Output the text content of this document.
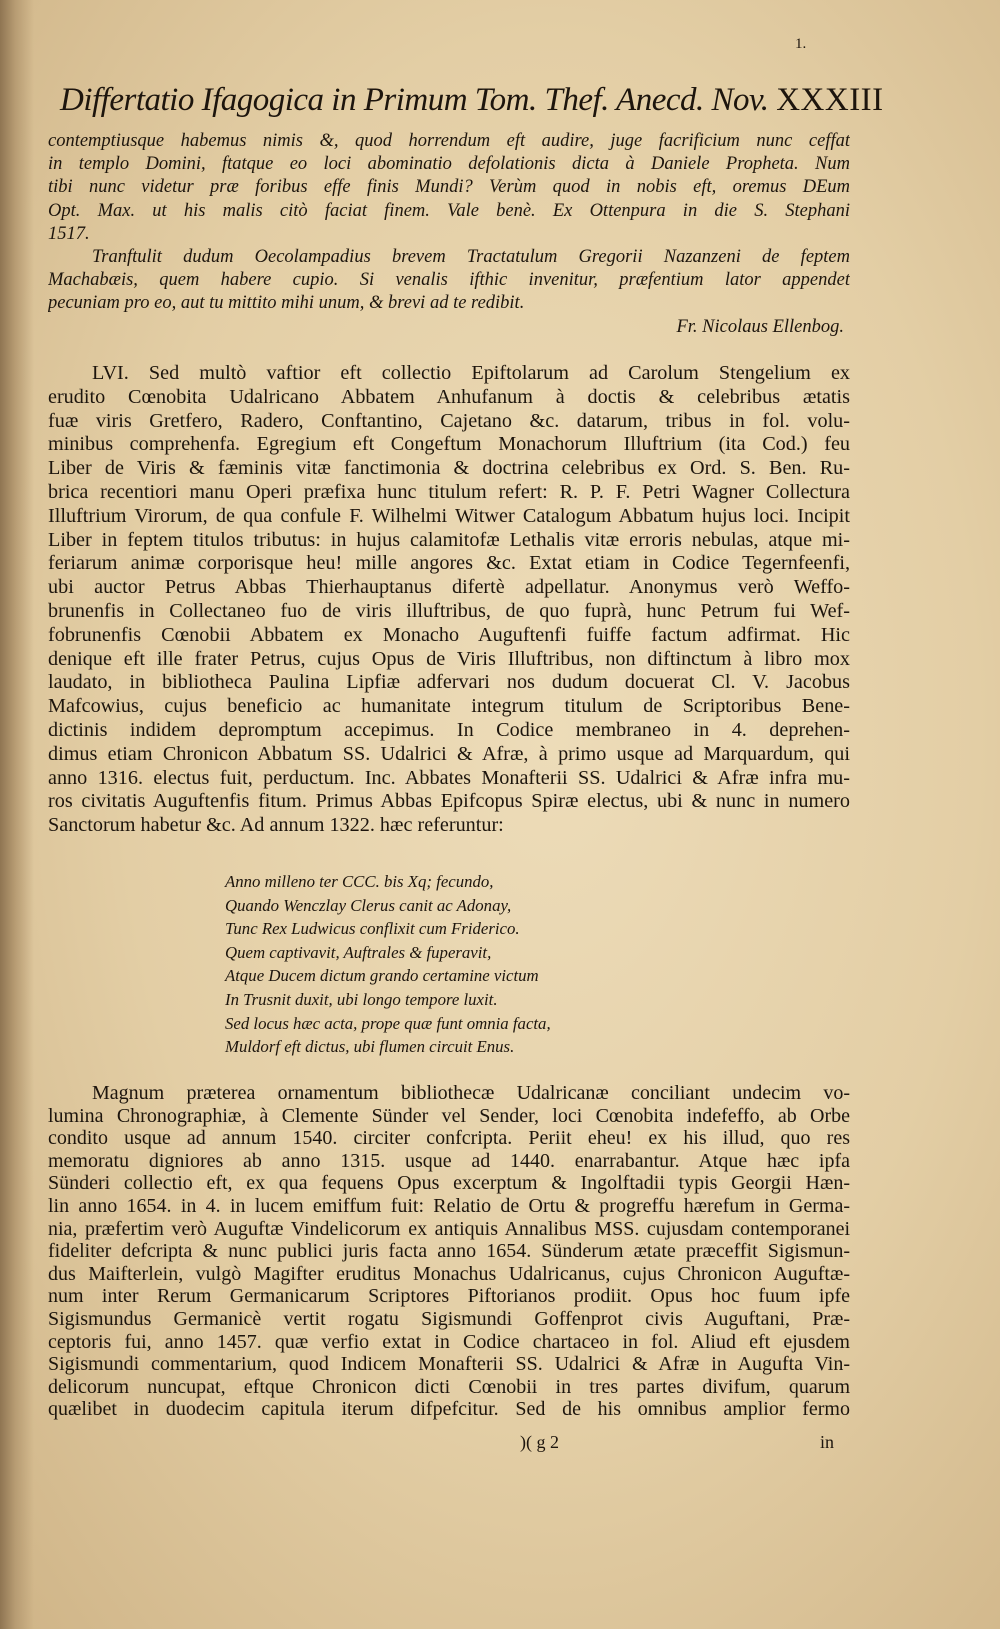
1.
Differtatio Ifagogica in Primum Tom. Thef. Anecd. Nov. XXXIII
contemptiusque habemus nimis &, quod horrendum eft audire, juge facrificium nunc ceffat
in templo Domini, ftatque eo loci abominatio defolationis dicta à Daniele Propheta. Num
tibi nunc videtur præ foribus effe finis Mundi? Verùm quod in nobis eft, oremus DEum
Opt. Max. ut his malis citò faciat finem. Vale benè. Ex Ottenpura in die S. Stephani
1517.
Tranftulit dudum Oecolampadius brevem Tractatulum Gregorii Nazanzeni de feptem
Machabæis, quem habere cupio. Si venalis ifthic invenitur, præfentium lator appendet
pecuniam pro eo, aut tu mittito mihi unum, & brevi ad te redibit.
Fr. Nicolaus Ellenbog.
LVI. Sed multò vaftior eft collectio Epiftolarum ad Carolum Stengelium ex
erudito Cœnobita Udalricano Abbatem Anhufanum à doctis & celebribus ætatis
fuæ viris Gretfero, Radero, Conftantino, Cajetano &c. datarum, tribus in fol. volu-
minibus comprehenfa. Egregium eft Congeftum Monachorum Illuftrium (ita Cod.) feu
Liber de Viris & fæminis vitæ fanctimonia & doctrina celebribus ex Ord. S. Ben. Ru-
brica recentiori manu Operi præfixa hunc titulum refert: R. P. F. Petri Wagner Collectura
Illuftrium Virorum, de qua confule F. Wilhelmi Witwer Catalogum Abbatum hujus loci. Incipit
Liber in feptem titulos tributus: in hujus calamitofæ Lethalis vitæ erroris nebulas, atque mi-
feriarum animæ corporisque heu! mille angores &c. Extat etiam in Codice Tegernfeenfi,
ubi auctor Petrus Abbas Thierhauptanus difertè adpellatur. Anonymus verò Weffo-
brunenfis in Collectaneo fuo de viris illuftribus, de quo fuprà, hunc Petrum fui Wef-
fobrunenfis Cœnobii Abbatem ex Monacho Auguftenfi fuiffe factum adfirmat. Hic
denique eft ille frater Petrus, cujus Opus de Viris Illuftribus, non diftinctum à libro mox
laudato, in bibliotheca Paulina Lipfiæ adfervari nos dudum docuerat Cl. V. Jacobus
Mafcowius, cujus beneficio ac humanitate integrum titulum de Scriptoribus Bene-
dictinis indidem depromptum accepimus. In Codice membraneo in 4. deprehen-
dimus etiam Chronicon Abbatum SS. Udalrici & Afræ, à primo usque ad Marquardum, qui
anno 1316. electus fuit, perductum. Inc. Abbates Monafterii SS. Udalrici & Afræ infra mu-
ros civitatis Auguftenfis fitum. Primus Abbas Epifcopus Spiræ electus, ubi & nunc in numero
Sanctorum habetur &c. Ad annum 1322. hæc referuntur:
Anno milleno ter CCC. bis Xq; fecundo,
Quando Wenczlay Clerus canit ac Adonay,
Tunc Rex Ludwicus conflixit cum Friderico.
Quem captivavit, Auftrales & fuperavit,
Atque Ducem dictum grando certamine victum
In Trusnit duxit, ubi longo tempore luxit.
Sed locus hæc acta, prope quæ funt omnia facta,
Muldorf eft dictus, ubi flumen circuit Enus.
Magnum præterea ornamentum bibliothecæ Udalricanæ conciliant undecim vo-
lumina Chronographiæ, à Clemente Sünder vel Sender, loci Cœnobita indefeffo, ab Orbe
condito usque ad annum 1540. circiter confcripta. Periit eheu! ex his illud, quo res
memoratu digniores ab anno 1315. usque ad 1440. enarrabantur. Atque hæc ipfa
Sünderi collectio eft, ex qua fequens Opus excerptum & Ingolftadii typis Georgii Hæn-
lin anno 1654. in 4. in lucem emiffum fuit: Relatio de Ortu & progreffu hærefum in Germa-
nia, præfertim verò Auguftæ Vindelicorum ex antiquis Annalibus MSS. cujusdam contemporanei
fideliter defcripta & nunc publici juris facta anno 1654. Sünderum ætate præceffit Sigismun-
dus Maifterlein, vulgò Magifter eruditus Monachus Udalricanus, cujus Chronicon Auguftæ-
num inter Rerum Germanicarum Scriptores Piftorianos prodiit. Opus hoc fuum ipfe
Sigismundus Germanicè vertit rogatu Sigismundi Goffenprot civis Auguftani, Præ-
ceptoris fui, anno 1457. quæ verfio extat in Codice chartaceo in fol. Aliud eft ejusdem
Sigismundi commentarium, quod Indicem Monafterii SS. Udalrici & Afræ in Augufta Vin-
delicorum nuncupat, eftque Chronicon dicti Cœnobii in tres partes divifum, quarum
quælibet in duodecim capitula iterum difpefcitur. Sed de his omnibus amplior fermo
)( g 2	in
